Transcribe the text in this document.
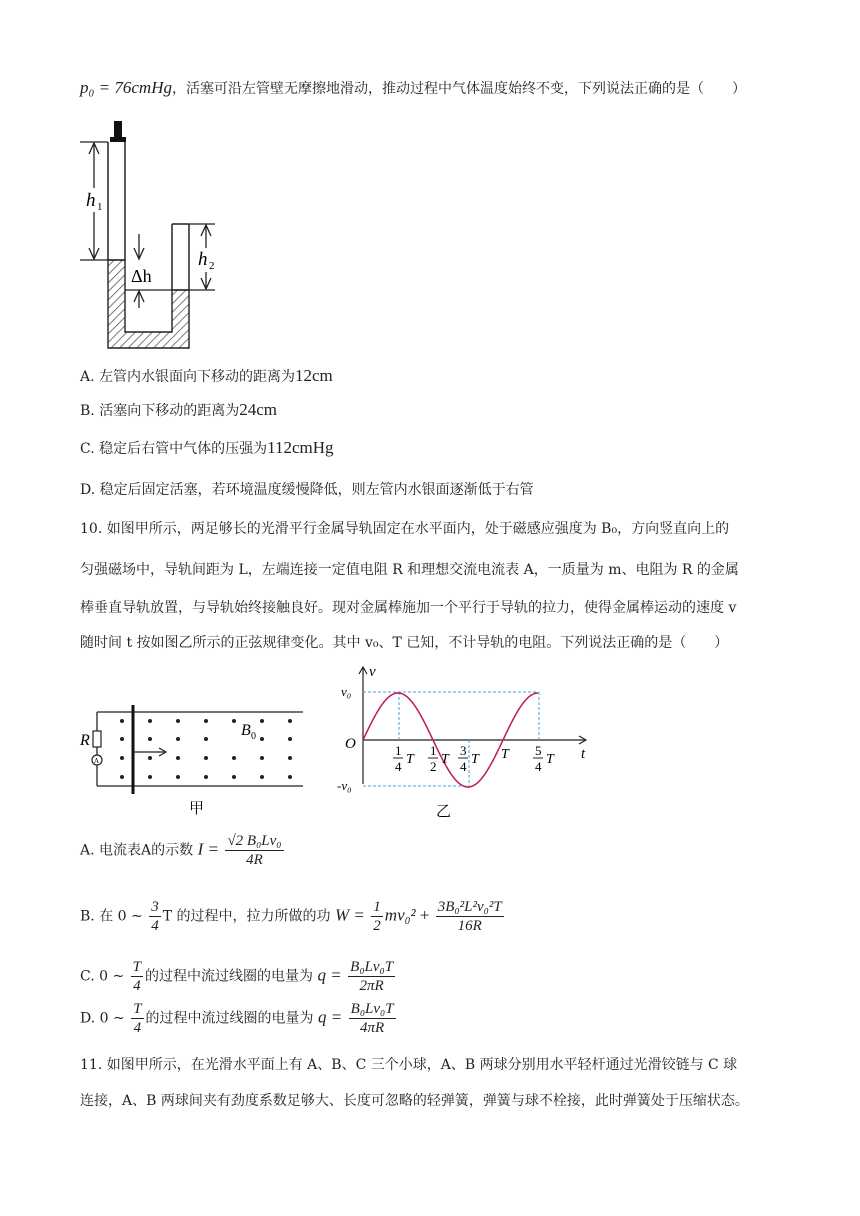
p₀ = 76cmHg，活塞可沿左管壁无摩擦地滑动，推动过程中气体温度始终不变，下列说法正确的是（　　）
h 1
Δh
h 2
A. 左管内水银面向下移动的距离为12cm
B. 活塞向下移动的距离为24cm
C. 稳定后右管中气体的压强为112cmHg
D. 稳定后固定活塞，若环境温度缓慢降低，则左管内水银面逐渐低于右管
10. 如图甲所示，两足够长的光滑平行金属导轨固定在水平面内，处于磁感应强度为 B₀，方向竖直向上的
匀强磁场中，导轨间距为 L，左端连接一定值电阻 R 和理想交流电流表 A，一质量为 m、电阻为 R 的金属
棒垂直导轨放置，与导轨始终接触良好。现对金属棒施加一个平行于导轨的拉力，使得金属棒运动的速度 v
随时间 t 按如图乙所示的正弦规律变化。其中 v₀、T 已知，不计导轨的电阻。下列说法正确的是（　　）
R
A
B 0
甲
v
t
O
v₀
-v₀
1
4 T
1
2 T
3
4 T T 5
4 T
乙
A. 电流表A的示数 $I = \frac{\text{√2 B₀Lv₀}}{4R}$
B. 在 0 ~ $\frac{3}{4}$ T 的过程中，拉力所做的功 $W = \frac{1}{2} mv_0^2 + \frac{\text{3B₀²L²v₀²T}}{16R}$
C. 0 ~ $\frac{T}{4}$ 的过程中流过线圈的电量为 $q = \frac{\text{B₀Lv₀T}}{2\pi R}$
D. 0 ~ $\frac{T}{4}$ 的过程中流过线圈的电量为 $q = \frac{\text{B₀Lv₀T}}{4\pi R}$
11. 如图甲所示，在光滑水平面上有 A、B、C 三个小球，A、B 两球分别用水平轻杆通过光滑铰链与 C 球
连接，A、B 两球间夹有劲度系数足够大、长度可忽略的轻弹簧，弹簧与球不栓接，此时弹簧处于压缩状态。
